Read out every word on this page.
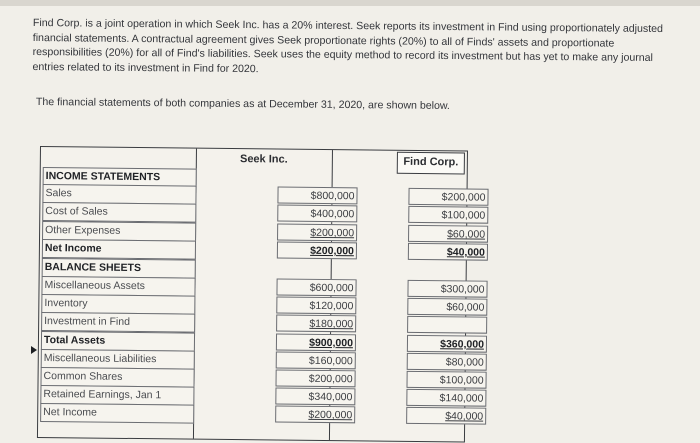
Find Corp. is a joint operation in which Seek Inc. has a 20% interest. Seek reports its investment in Find using proportionately adjusted financial statements. A contractual agreement gives Seek proportionate rights (20%) to all of Finds' assets and proportionate responsibilities (20%) for all of Find's liabilities. Seek uses the equity method to record its investment but has yet to make any journal entries related to its investment in Find for 2020.

The financial statements of both companies as at December 31, 2020, are shown below.

Seek Inc.	Find Corp.
INCOME STATEMENTS
Sales	$800,000	$200,000
Cost of Sales	$400,000	$100,000
Other Expenses	$200,000	$60,000
Net Income	$200,000	$40,000
BALANCE SHEETS
Miscellaneous Assets	$600,000	$300,000
Inventory	$120,000	$60,000
Investment in Find	$180,000
Total Assets	$900,000	$360,000
Miscellaneous Liabilities	$160,000	$80,000
Common Shares	$200,000	$100,000
Retained Earnings, Jan 1	$340,000	$140,000
Net Income	$200,000	$40,000
